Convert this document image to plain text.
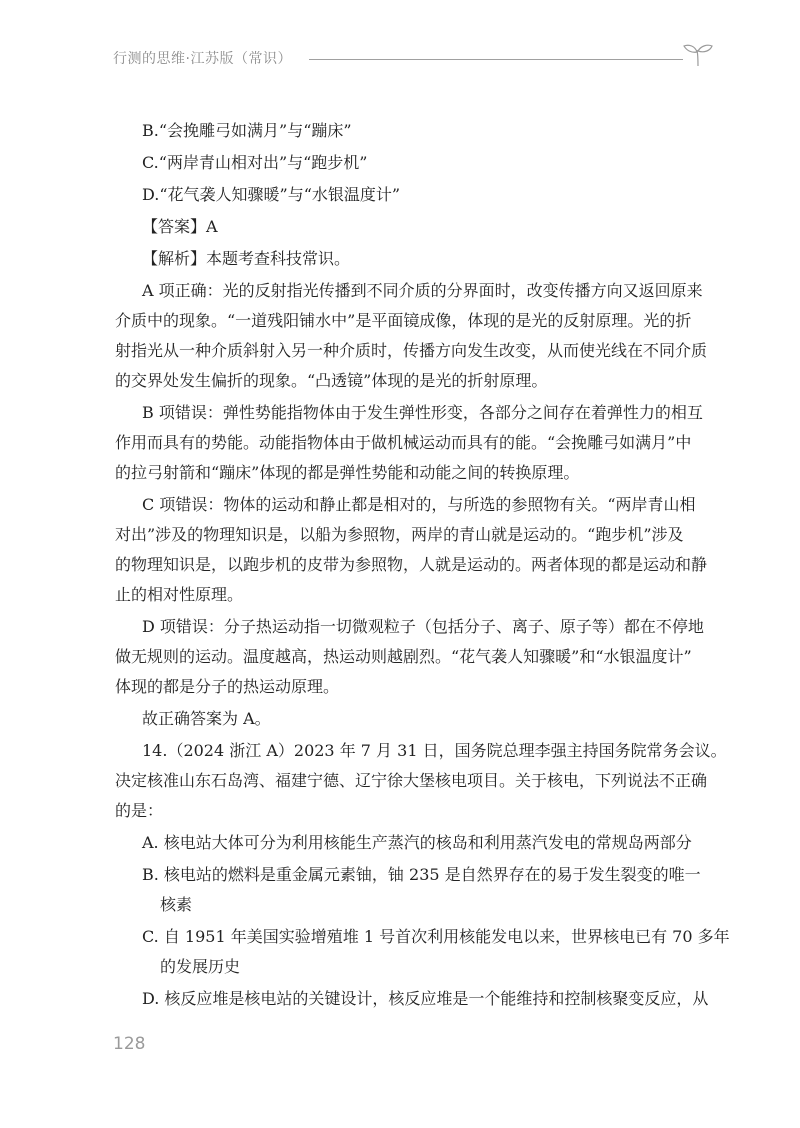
行测的思维·江苏版（常识）
B.“会挽雕弓如满月”与“蹦床”
C.“两岸青山相对出”与“跑步机”
D.“花气袭人知骤暖”与“水银温度计”
【答案】A
【解析】本题考查科技常识。
A 项正确：光的反射指光传播到不同介质的分界面时，改变传播方向又返回原来
介质中的现象。“一道残阳铺水中”是平面镜成像，体现的是光的反射原理。光的折
射指光从一种介质斜射入另一种介质时，传播方向发生改变，从而使光线在不同介质
的交界处发生偏折的现象。“凸透镜”体现的是光的折射原理。
B 项错误：弹性势能指物体由于发生弹性形变，各部分之间存在着弹性力的相互
作用而具有的势能。动能指物体由于做机械运动而具有的能。“会挽雕弓如满月”中
的拉弓射箭和“蹦床”体现的都是弹性势能和动能之间的转换原理。
C 项错误：物体的运动和静止都是相对的，与所选的参照物有关。“两岸青山相
对出”涉及的物理知识是，以船为参照物，两岸的青山就是运动的。“跑步机”涉及
的物理知识是，以跑步机的皮带为参照物，人就是运动的。两者体现的都是运动和静
止的相对性原理。
D 项错误：分子热运动指一切微观粒子（包括分子、离子、原子等）都在不停地
做无规则的运动。温度越高，热运动则越剧烈。“花气袭人知骤暖”和“水银温度计”
体现的都是分子的热运动原理。
故正确答案为 A。
14.（2024 浙江 A）2023 年 7 月 31 日，国务院总理李强主持国务院常务会议。
决定核准山东石岛湾、福建宁德、辽宁徐大堡核电项目。关于核电，下列说法不正确
的是：
A. 核电站大体可分为利用核能生产蒸汽的核岛和利用蒸汽发电的常规岛两部分
B. 核电站的燃料是重金属元素铀，铀 235 是自然界存在的易于发生裂变的唯一
核素
C. 自 1951 年美国实验增殖堆 1 号首次利用核能发电以来，世界核电已有 70 多年
的发展历史
D. 核反应堆是核电站的关键设计，核反应堆是一个能维持和控制核聚变反应，从
128
